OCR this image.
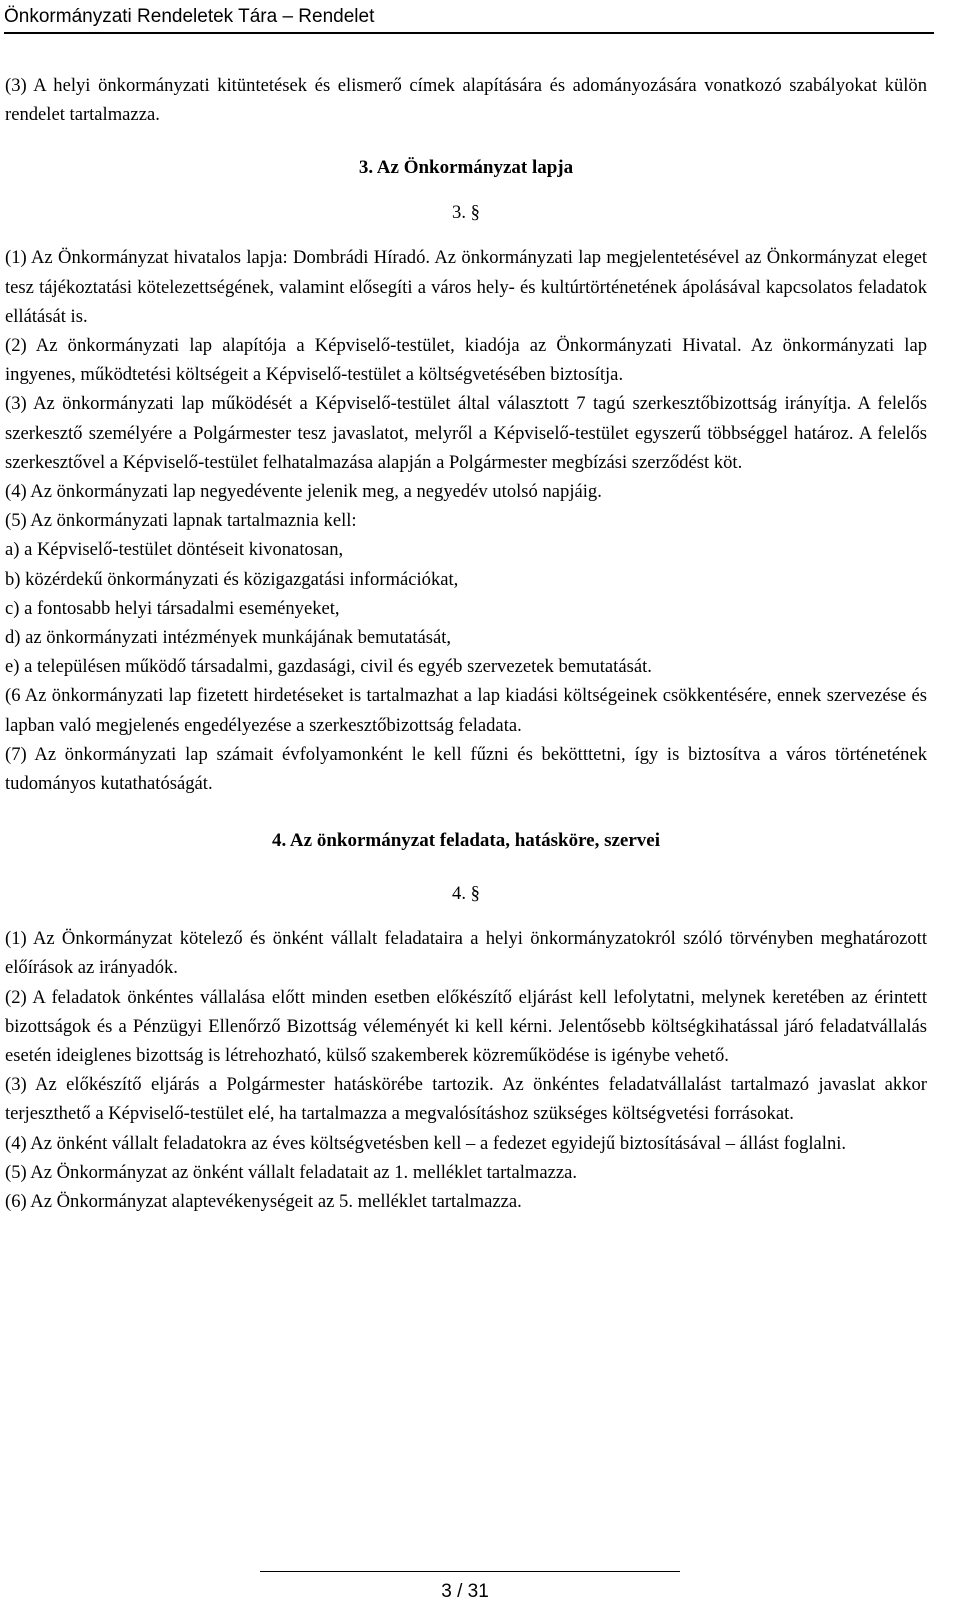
Önkormányzati Rendeletek Tára – Rendelet

(3) A helyi önkormányzati kitüntetések és elismerő címek alapítására és adományozására vonatkozó szabályokat külön rendelet tartalmazza.

3. Az Önkormányzat lapja

3. §

(1) Az Önkormányzat hivatalos lapja: Dombrádi Híradó. Az önkormányzati lap megjelentetésével az Önkormányzat eleget tesz tájékoztatási kötelezettségének, valamint elősegíti a város hely- és kultúrtörténetének ápolásával kapcsolatos feladatok ellátását is.

(2) Az önkormányzati lap alapítója a Képviselő-testület, kiadója az Önkormányzati Hivatal. Az önkormányzati lap ingyenes, működtetési költségeit a Képviselő-testület a költségvetésében biztosítja.

(3) Az önkormányzati lap működését a Képviselő-testület által választott 7 tagú szerkesztőbizottság irányítja. A felelős szerkesztő személyére a Polgármester tesz javaslatot, melyről a Képviselő-testület egyszerű többséggel határoz. A felelős szerkesztővel a Képviselő-testület felhatalmazása alapján a Polgármester megbízási szerződést köt.

(4) Az önkormányzati lap negyedévente jelenik meg, a negyedév utolsó napjáig.

(5) Az önkormányzati lapnak tartalmaznia kell:

a) a Képviselő-testület döntéseit kivonatosan,

b) közérdekű önkormányzati és közigazgatási információkat,

c) a fontosabb helyi társadalmi eseményeket,

d) az önkormányzati intézmények munkájának bemutatását,

e) a településen működő társadalmi, gazdasági, civil és egyéb szervezetek bemutatását.

(6 Az önkormányzati lap fizetett hirdetéseket is tartalmazhat a lap kiadási költségeinek csökkentésére, ennek szervezése és lapban való megjelenés engedélyezése a szerkesztőbizottság feladata.

(7) Az önkormányzati lap számait évfolyamonként le kell fűzni és bekötttetni, így is biztosítva a város történetének tudományos kutathatóságát.

4. Az önkormányzat feladata, hatásköre, szervei

4. §

(1) Az Önkormányzat kötelező és önként vállalt feladataira a helyi önkormányzatokról szóló törvényben meghatározott előírások az irányadók.

(2) A feladatok önkéntes vállalása előtt minden esetben előkészítő eljárást kell lefolytatni, melynek keretében az érintett bizottságok és a Pénzügyi Ellenőrző Bizottság véleményét ki kell kérni. Jelentősebb költségkihatással járó feladatvállalás esetén ideiglenes bizottság is létrehozható, külső szakemberek közreműködése is igénybe vehető.

(3) Az előkészítő eljárás a Polgármester hatáskörébe tartozik. Az önkéntes feladatvállalást tartalmazó javaslat akkor terjeszthető a Képviselő-testület elé, ha tartalmazza a megvalósításhoz szükséges költségvetési forrásokat.

(4) Az önként vállalt feladatokra az éves költségvetésben kell – a fedezet egyidejű biztosításával – állást foglalni.

(5) Az Önkormányzat az önként vállalt feladatait az 1. melléklet tartalmazza.

(6) Az Önkormányzat alaptevékenységeit az 5. melléklet tartalmazza.

3 / 31
